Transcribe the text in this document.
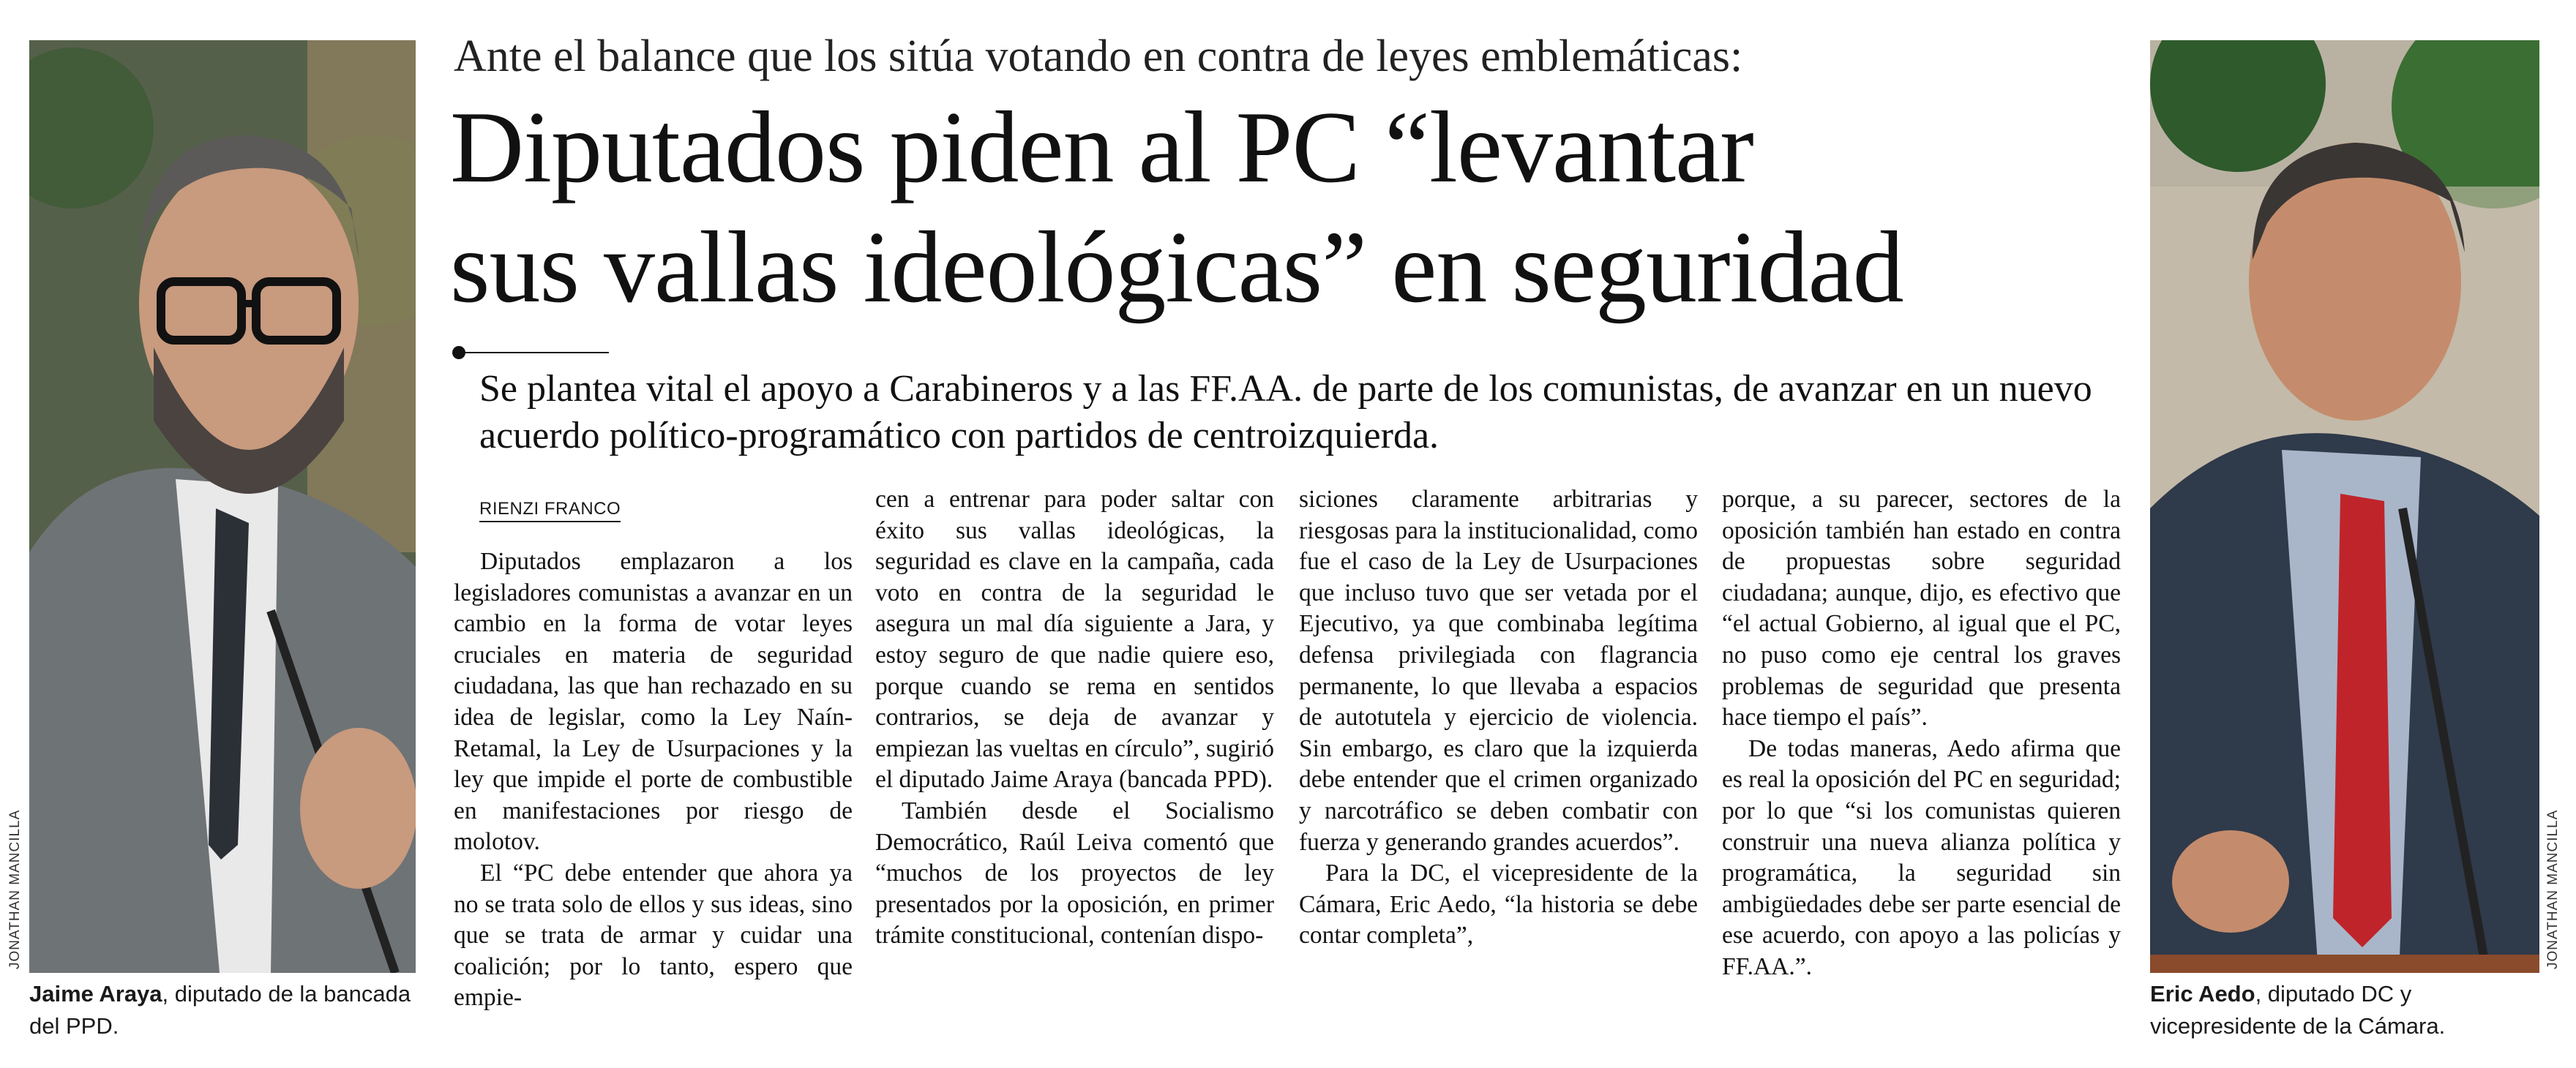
JONATHAN MANCILLA
Jaime Araya, diputado de la bancada del PPD.
Ante el balance que los sitúa votando en contra de leyes emblemáticas:
Diputados piden al PC “levantar
sus vallas ideológicas” en seguridad
Se plantea vital el apoyo a Carabineros y a las FF.AA. de parte de los comunistas, de avanzar en un nuevo acuerdo político-programático con partidos de centroizquierda.
RIENZI FRANCO

Diputados emplazaron a los legisladores comunistas a avanzar en un cambio en la forma de votar leyes cruciales en materia de seguridad ciudadana, las que han rechazado en su idea de legislar, como la Ley Naín-Retamal, la Ley de Usurpaciones y la ley que impide el porte de combustible en manifestaciones por riesgo de molotov.

El “PC debe entender que ahora ya no se trata solo de ellos y sus ideas, sino que se trata de armar y cuidar una coalición; por lo tanto, espero que empie-

cen a entrenar para poder saltar con éxito sus vallas ideológicas, la seguridad es clave en la campaña, cada voto en contra de la seguridad le asegura un mal día siguiente a Jara, y estoy seguro de que nadie quiere eso, porque cuando se rema en sentidos contrarios, se deja de avanzar y empiezan las vueltas en círculo”, sugirió el diputado Jaime Araya (bancada PPD).

También desde el Socialismo Democrático, Raúl Leiva comentó que “muchos de los proyectos de ley presentados por la oposición, en primer trámite constitucional, contenían dispo-

siciones claramente arbitrarias y riesgosas para la institucionalidad, como fue el caso de la Ley de Usurpaciones que incluso tuvo que ser vetada por el Ejecutivo, ya que combinaba legítima defensa privilegiada con flagrancia permanente, lo que llevaba a espacios de autotutela y ejercicio de violencia. Sin embargo, es claro que la izquierda debe entender que el crimen organizado y narcotráfico se deben combatir con fuerza y generando grandes acuerdos”.

Para la DC, el vicepresidente de la Cámara, Eric Aedo, “la historia se debe contar completa”,

porque, a su parecer, sectores de la oposición también han estado en contra de propuestas sobre seguridad ciudadana; aunque, dijo, es efectivo que “el actual Gobierno, al igual que el PC, no puso como eje central los graves problemas de seguridad que presenta hace tiempo el país”.

De todas maneras, Aedo afirma que es real la oposición del PC en seguridad; por lo que “si los comunistas quieren construir una nueva alianza política y programática, la seguridad sin ambigüedades debe ser parte esencial de ese acuerdo, con apoyo a las policías y FF.AA.”.	JONATHAN MANCILLA
Eric Aedo, diputado DC y vicepresidente de la Cámara.
